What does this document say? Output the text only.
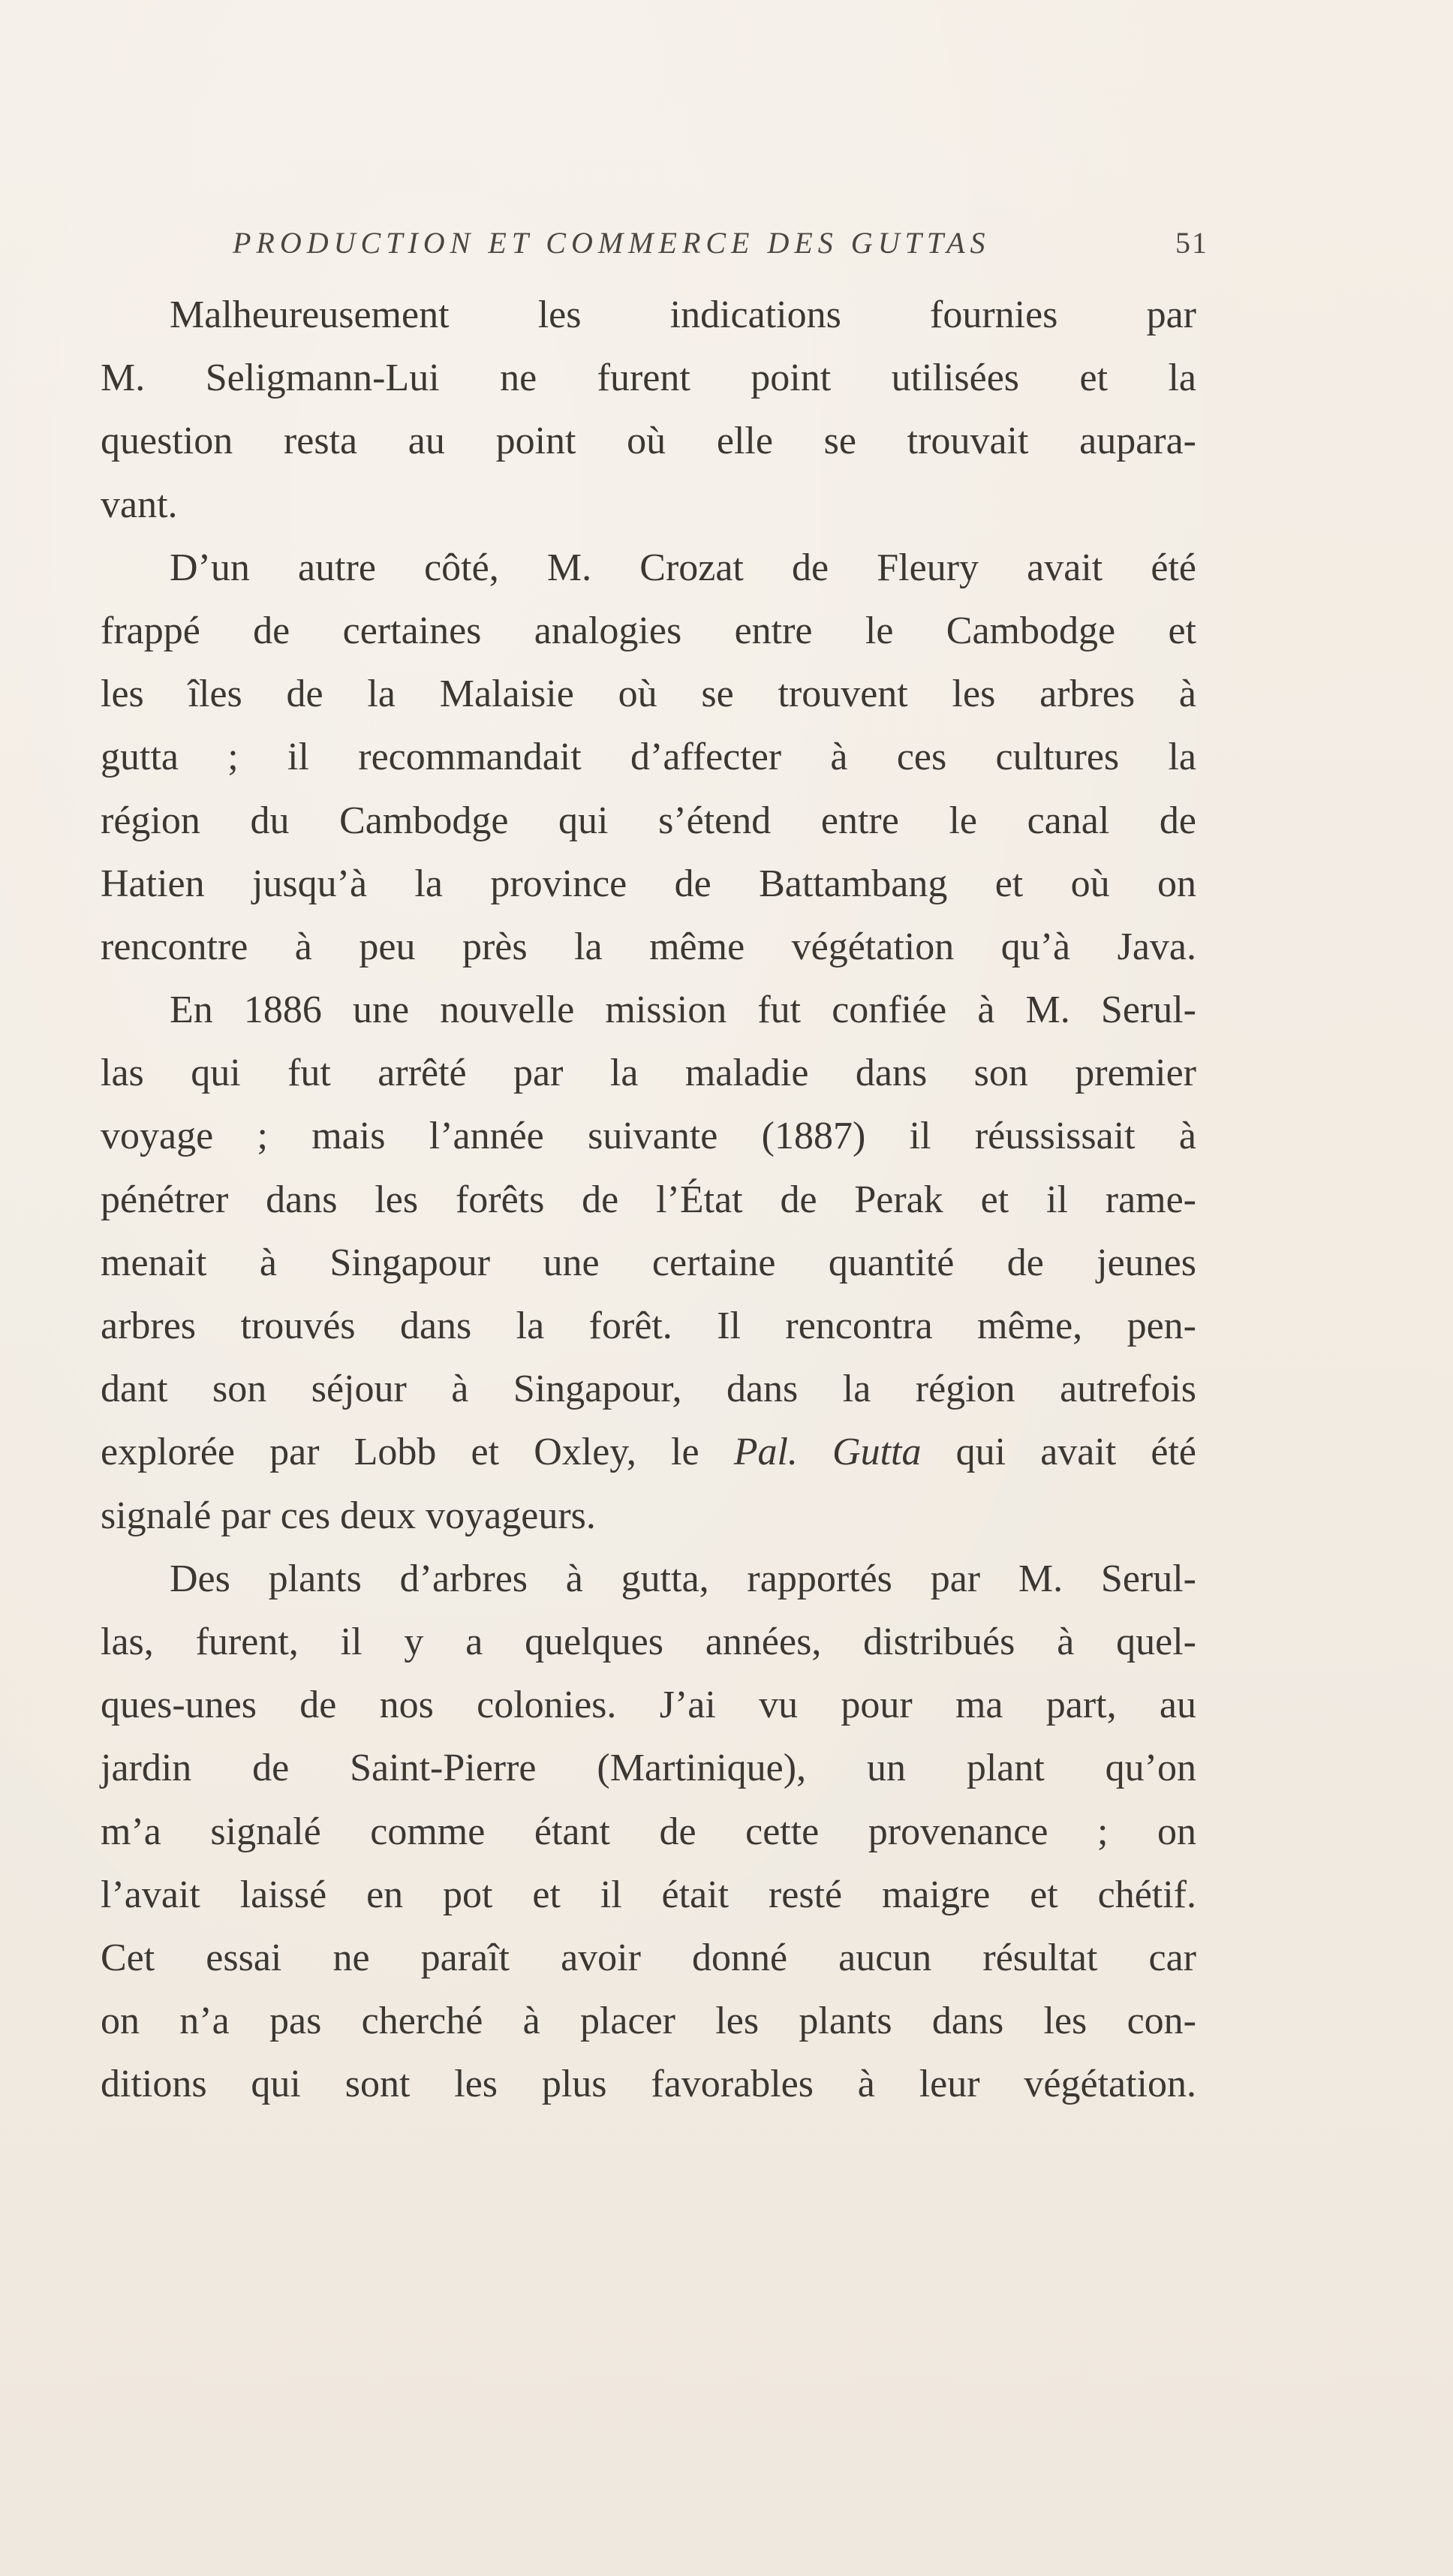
PRODUCTION ET COMMERCE DES GUTTAS	51
Malheureusement les indications fournies par
M. Seligmann-Lui ne furent point utilisées et la
question resta au point où elle se trouvait aupara-
vant.
D’un autre côté, M. Crozat de Fleury avait été
frappé de certaines analogies entre le Cambodge et
les îles de la Malaisie où se trouvent les arbres à
gutta ; il recommandait d’affecter à ces cultures la
région du Cambodge qui s’étend entre le canal de
Hatien jusqu’à la province de Battambang et où on
rencontre à peu près la même végétation qu’à Java.
En 1886 une nouvelle mission fut confiée à M. Serul-
las qui fut arrêté par la maladie dans son premier
voyage ; mais l’année suivante (1887) il réussissait à
pénétrer dans les forêts de l’État de Perak et il rame-
menait à Singapour une certaine quantité de jeunes
arbres trouvés dans la forêt. Il rencontra même, pen-
dant son séjour à Singapour, dans la région autrefois
explorée par Lobb et Oxley, le Pal. Gutta qui avait été
signalé par ces deux voyageurs.
Des plants d’arbres à gutta, rapportés par M. Serul-
las, furent, il y a quelques années, distribués à quel-
ques-unes de nos colonies. J’ai vu pour ma part, au
jardin de Saint-Pierre (Martinique), un plant qu’on
m’a signalé comme étant de cette provenance ; on
l’avait laissé en pot et il était resté maigre et chétif.
Cet essai ne paraît avoir donné aucun résultat car
on n’a pas cherché à placer les plants dans les con-
ditions qui sont les plus favorables à leur végétation.
